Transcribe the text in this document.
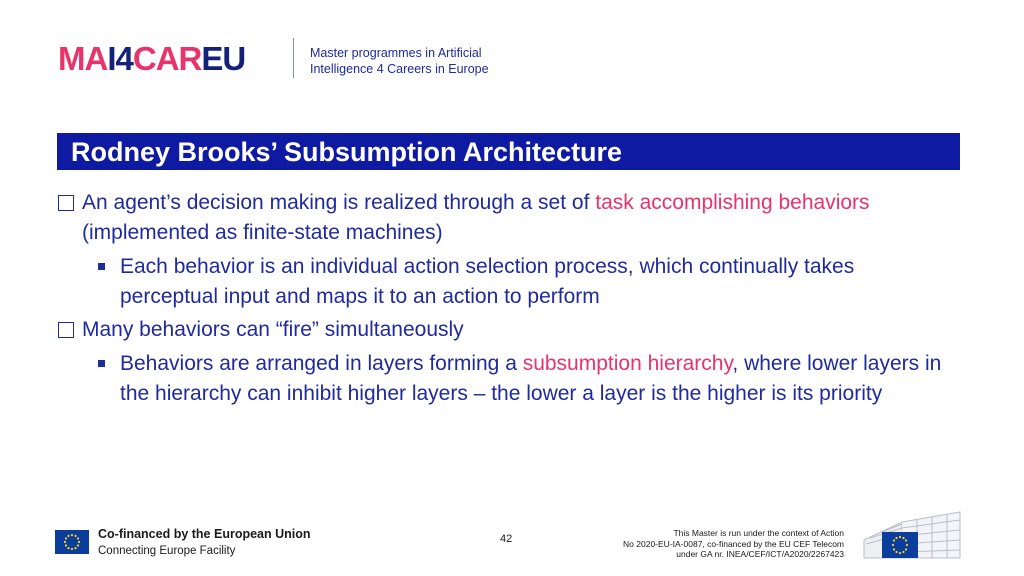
MA I4 CAR EU	Master programmes in Artificial
Intelligence 4 Careers in Europe
Rodney Brooks’ Subsumption Architecture
An agent’s decision making is realized through a set of task accomplishing behaviors (implemented as finite-state machines)
Each behavior is an individual action selection process, which continually takes perceptual input and maps it to an action to perform
Many behaviors can “fire” simultaneously
Behaviors are arranged in layers forming a subsumption hierarchy, where lower layers in the hierarchy can inhibit higher layers – the lower a layer is the higher is its priority
Co-financed by the European Union
Connecting Europe Facility
42	This Master is run under the context of Action
No 2020-EU-IA-0087, co-financed by the EU CEF Telecom
under GA nr. INEA/CEF/ICT/A2020/2267423
